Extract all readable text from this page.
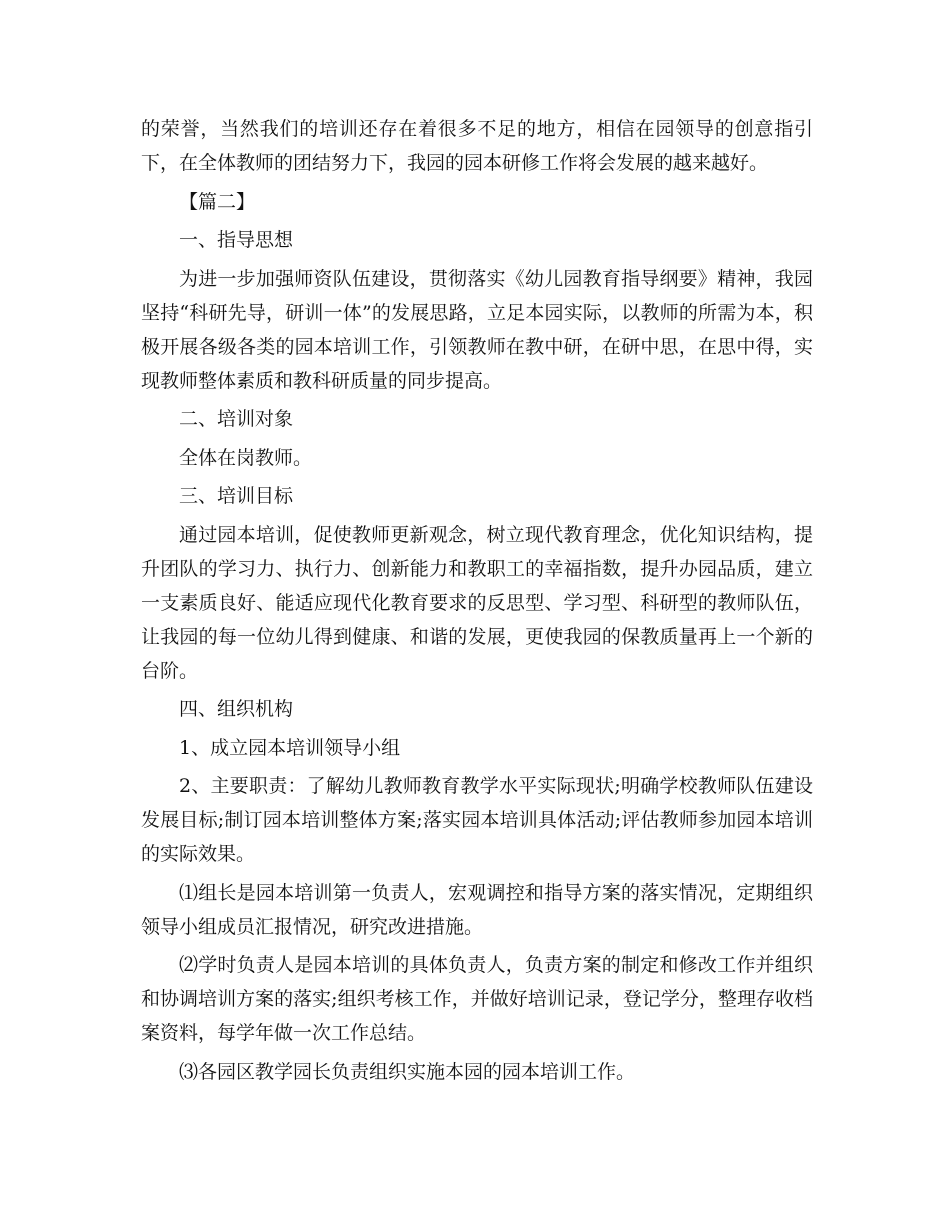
的荣誉，当然我们的培训还存在着很多不足的地方，相信在园领导的创意指引下，在全体教师的团结努力下，我园的园本研修工作将会发展的越来越好。

【篇二】

一、指导思想

为进一步加强师资队伍建设，贯彻落实《幼儿园教育指导纲要》精神，我园坚持“科研先导，研训一体”的发展思路，立足本园实际，以教师的所需为本，积极开展各级各类的园本培训工作，引领教师在教中研，在研中思，在思中得，实现教师整体素质和教科研质量的同步提高。

二、培训对象

全体在岗教师。

三、培训目标

通过园本培训，促使教师更新观念，树立现代教育理念，优化知识结构，提升团队的学习力、执行力、创新能力和教职工的幸福指数，提升办园品质，建立一支素质良好、能适应现代化教育要求的反思型、学习型、科研型的教师队伍，让我园的每一位幼儿得到健康、和谐的发展，更使我园的保教质量再上一个新的台阶。

四、组织机构

1、成立园本培训领导小组

2、主要职责：了解幼儿教师教育教学水平实际现状;明确学校教师队伍建设发展目标;制订园本培训整体方案;落实园本培训具体活动;评估教师参加园本培训的实际效果。

⑴组长是园本培训第一负责人，宏观调控和指导方案的落实情况，定期组织领导小组成员汇报情况，研究改进措施。

⑵学时负责人是园本培训的具体负责人，负责方案的制定和修改工作并组织和协调培训方案的落实;组织考核工作，并做好培训记录，登记学分，整理存收档案资料，每学年做一次工作总结。

⑶各园区教学园长负责组织实施本园的园本培训工作。
